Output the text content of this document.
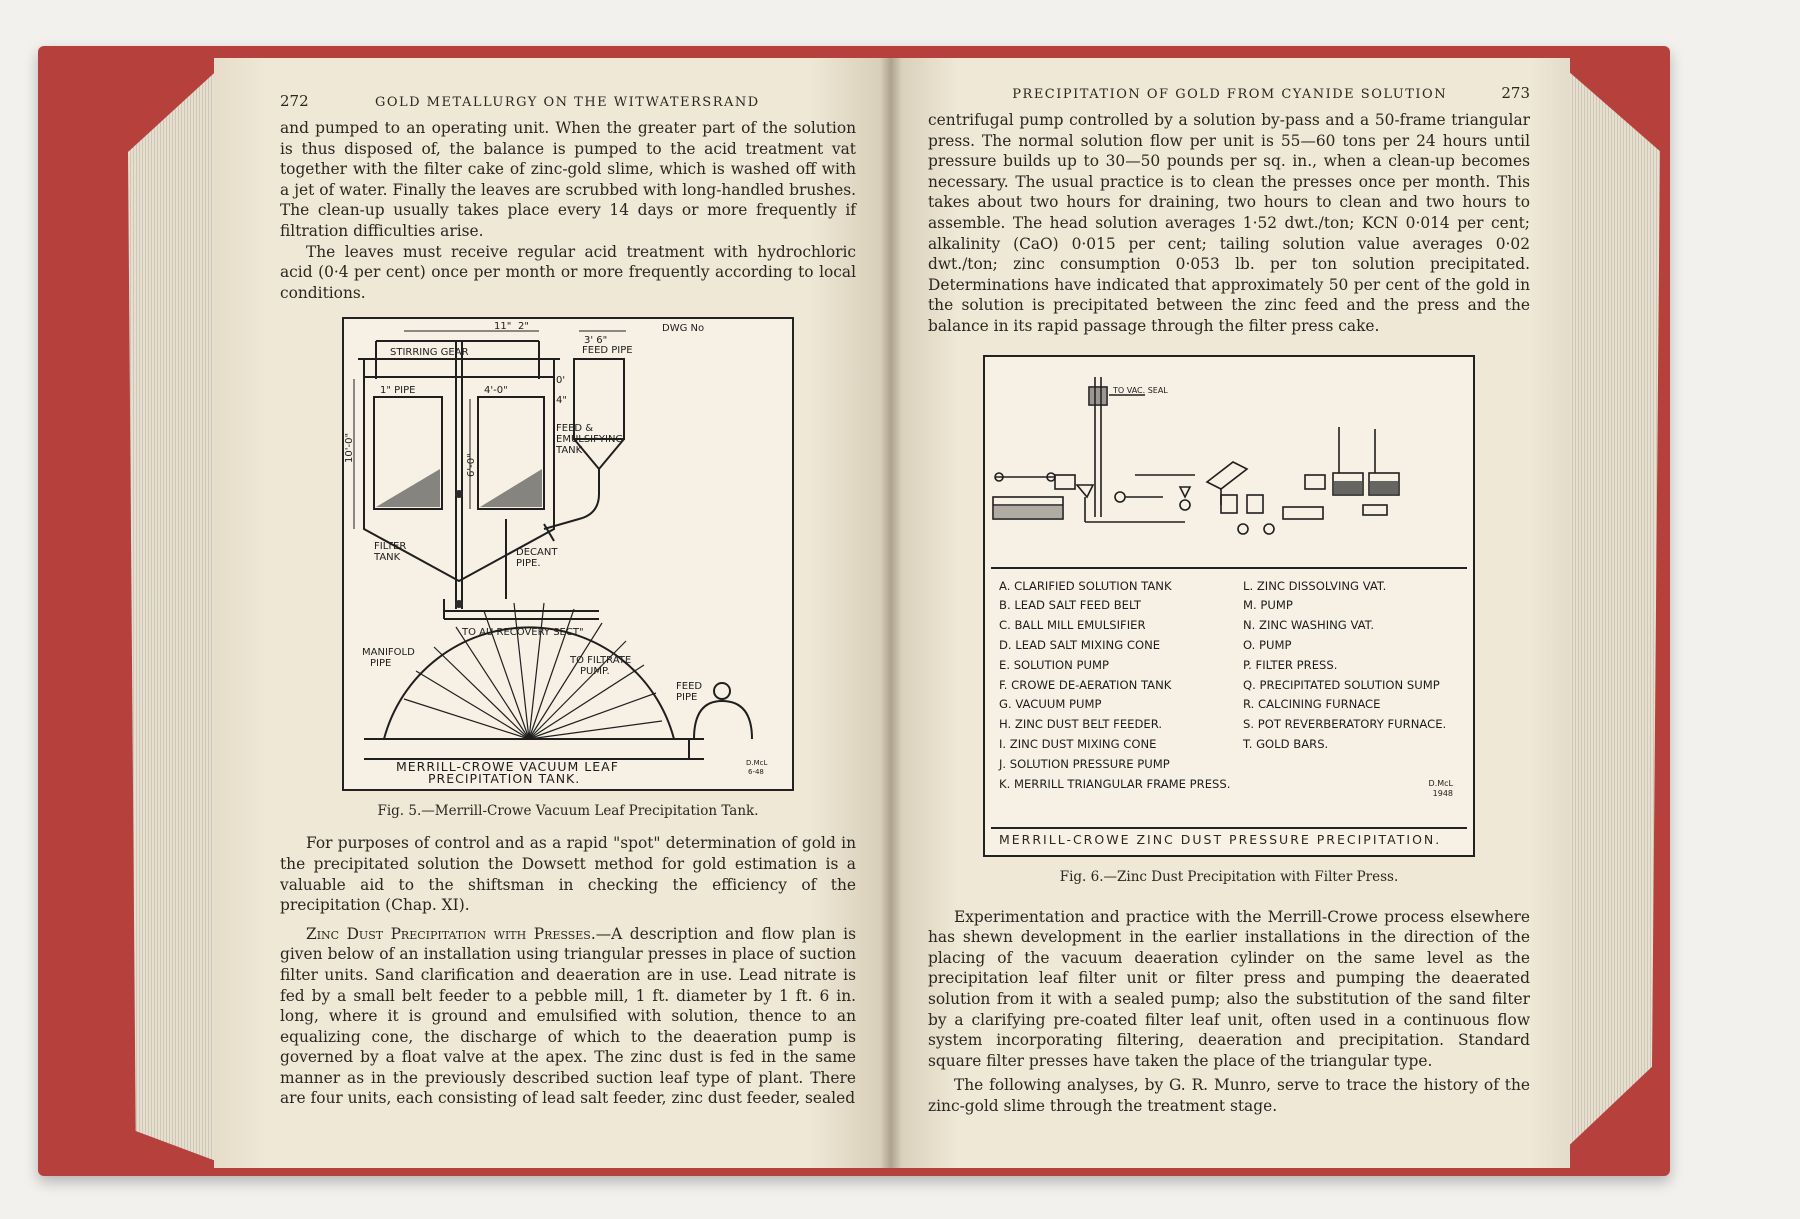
272	GOLD METALLURGY ON THE WITWATERSRAND

and pumped to an operating unit. When the greater part of the solution is thus disposed of, the balance is pumped to the acid treatment vat together with the filter cake of zinc-gold slime, which is washed off with a jet of water. Finally the leaves are scrubbed with long-handled brushes. The clean-up usually takes place every 14 days or more frequently if filtration difficulties arise.

The leaves must receive regular acid treatment with hydrochloric acid (0·4 per cent) once per month or more frequently according to local conditions.

DWG No
11" 2"
3' 6"
STIRRING GEAR	FEED PIPE
1" PIPE	4'-0"
0'
4"
10'-0"
6'-0"
FEED &
EMULSIFYING
TANK
FILTER
TANK	DECANT
PIPE.
TO AU RECOVERY SECT"
MANIFOLD
PIPE	TO FILTRATE
PUMP.
FEED
PIPE
MERRILL-CROWE VACUUM LEAF
PRECIPITATION TANK.
D.McL
6-48
Fig. 5.—Merrill-Crowe Vacuum Leaf Precipitation Tank.

For purposes of control and as a rapid "spot" determination of gold in the precipitated solution the Dowsett method for gold estimation is a valuable aid to the shiftsman in checking the efficiency of the precipitation (Chap. XI).

Zinc Dust Precipitation with Presses.—A description and flow plan is given below of an installation using triangular presses in place of suction filter units. Sand clarification and deaeration are in use. Lead nitrate is fed by a small belt feeder to a pebble mill, 1 ft. diameter by 1 ft. 6 in. long, where it is ground and emulsified with solution, thence to an equalizing cone, the discharge of which to the deaeration pump is governed by a float valve at the apex. The zinc dust is fed in the same manner as in the previously described suction leaf type of plant. There are four units, each consisting of lead salt feeder, zinc dust feeder, sealed

PRECIPITATION OF GOLD FROM CYANIDE SOLUTION	273

centrifugal pump controlled by a solution by-pass and a 50-frame triangular press. The normal solution flow per unit is 55—60 tons per 24 hours until pressure builds up to 30—50 pounds per sq. in., when a clean-up becomes necessary. The usual practice is to clean the presses once per month. This takes about two hours for draining, two hours to clean and two hours to assemble. The head solution averages 1·52 dwt./ton; KCN 0·014 per cent; alkalinity (CaO) 0·015 per cent; tailing solution value averages 0·02 dwt./ton; zinc consumption 0·053 lb. per ton solution precipitated. Determinations have indicated that approximately 50 per cent of the gold in the solution is precipitated between the zinc feed and the press and the balance in its rapid passage through the filter press cake.

TO VAC. SEAL
A. CLARIFIED SOLUTION TANK
B. LEAD SALT FEED BELT
C. BALL MILL EMULSIFIER
D. LEAD SALT MIXING CONE
E. SOLUTION PUMP
F. CROWE DE-AERATION TANK
G. VACUUM PUMP
H. ZINC DUST BELT FEEDER.
I. ZINC DUST MIXING CONE
J. SOLUTION PRESSURE PUMP
K. MERRILL TRIANGULAR FRAME PRESS.
L. ZINC DISSOLVING VAT.
M. PUMP
N. ZINC WASHING VAT.
O. PUMP
P. FILTER PRESS.
Q. PRECIPITATED SOLUTION SUMP
R. CALCINING FURNACE
S. POT REVERBERATORY FURNACE.
T. GOLD BARS.
D.McL
1948
MERRILL-CROWE ZINC DUST PRESSURE PRECIPITATION.
Fig. 6.—Zinc Dust Precipitation with Filter Press.

Experimentation and practice with the Merrill-Crowe process elsewhere has shewn development in the earlier installations in the direction of the placing of the vacuum deaeration cylinder on the same level as the precipitation leaf filter unit or filter press and pumping the deaerated solution from it with a sealed pump; also the substitution of the sand filter by a clarifying pre-coated filter leaf unit, often used in a continuous flow system incorporating filtering, deaeration and precipitation. Standard square filter presses have taken the place of the triangular type.

The following analyses, by G. R. Munro, serve to trace the history of the zinc-gold slime through the treatment stage.
